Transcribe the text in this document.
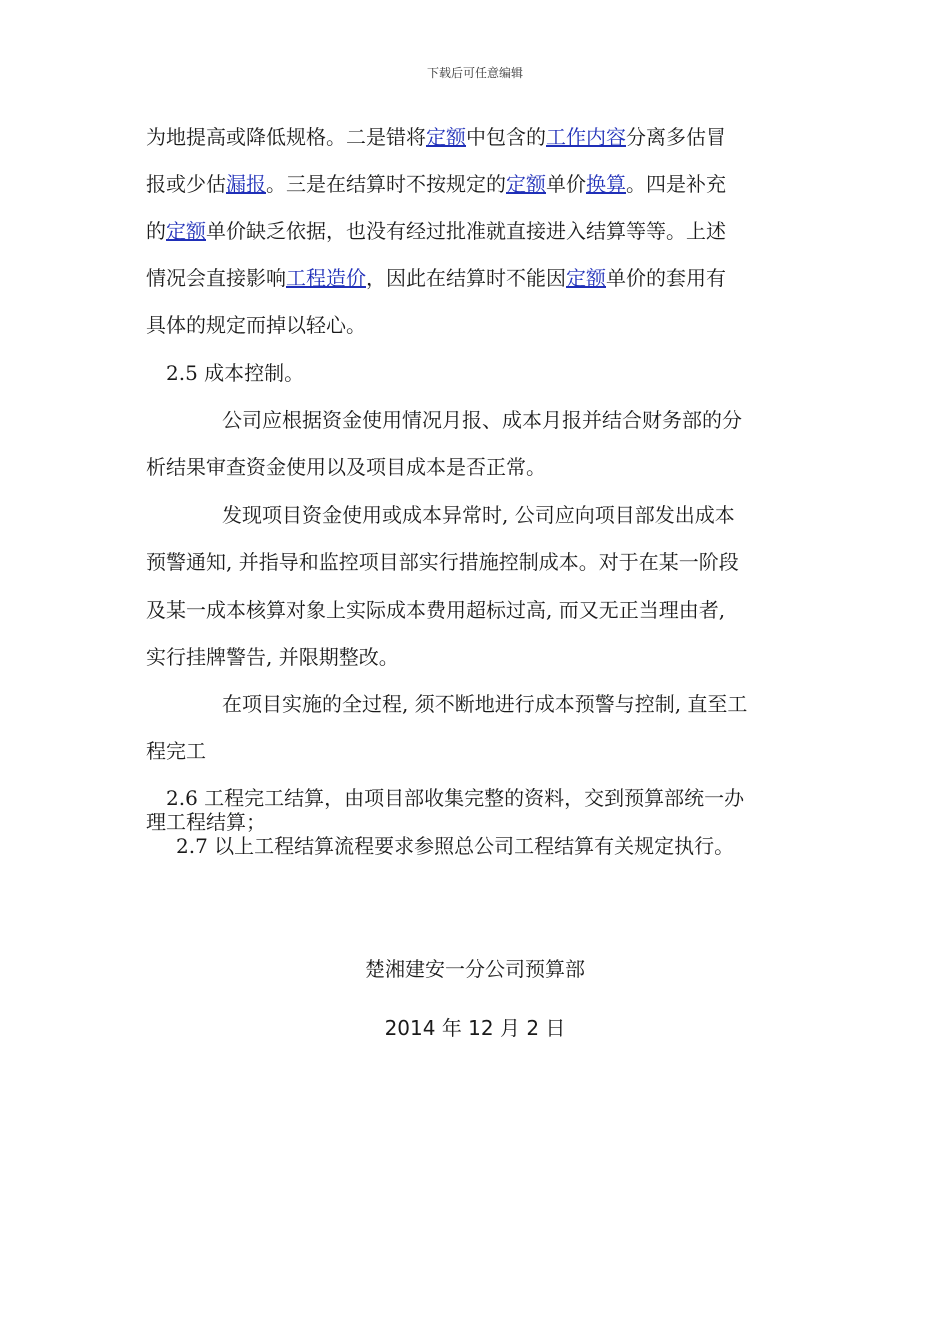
下载后可任意编辑
为地提高或降低规格。二是错将定额中包含的工作内容分离多估冒
报或少估漏报。三是在结算时不按规定的定额单价换算。四是补充
的定额单价缺乏依据，也没有经过批准就直接进入结算等等。上述
情况会直接影响工程造价，因此在结算时不能因定额单价的套用有
具体的规定而掉以轻心。
2.5 成本控制。
公司应根据资金使用情况月报、成本月报并结合财务部的分
析结果审查资金使用以及项目成本是否正常。
发现项目资金使用或成本异常时, 公司应向项目部发出成本
预警通知, 并指导和监控项目部实行措施控制成本。对于在某一阶段
及某一成本核算对象上实际成本费用超标过高, 而又无正当理由者,
实行挂牌警告, 并限期整改。
在项目实施的全过程, 须不断地进行成本预警与控制, 直至工
程完工
2.6 工程完工结算，由项目部收集完整的资料，交到预算部统一办
理工程结算；
2.7 以上工程结算流程要求参照总公司工程结算有关规定执行。
楚湘建安一分公司预算部
2014 年 12 月 2 日
